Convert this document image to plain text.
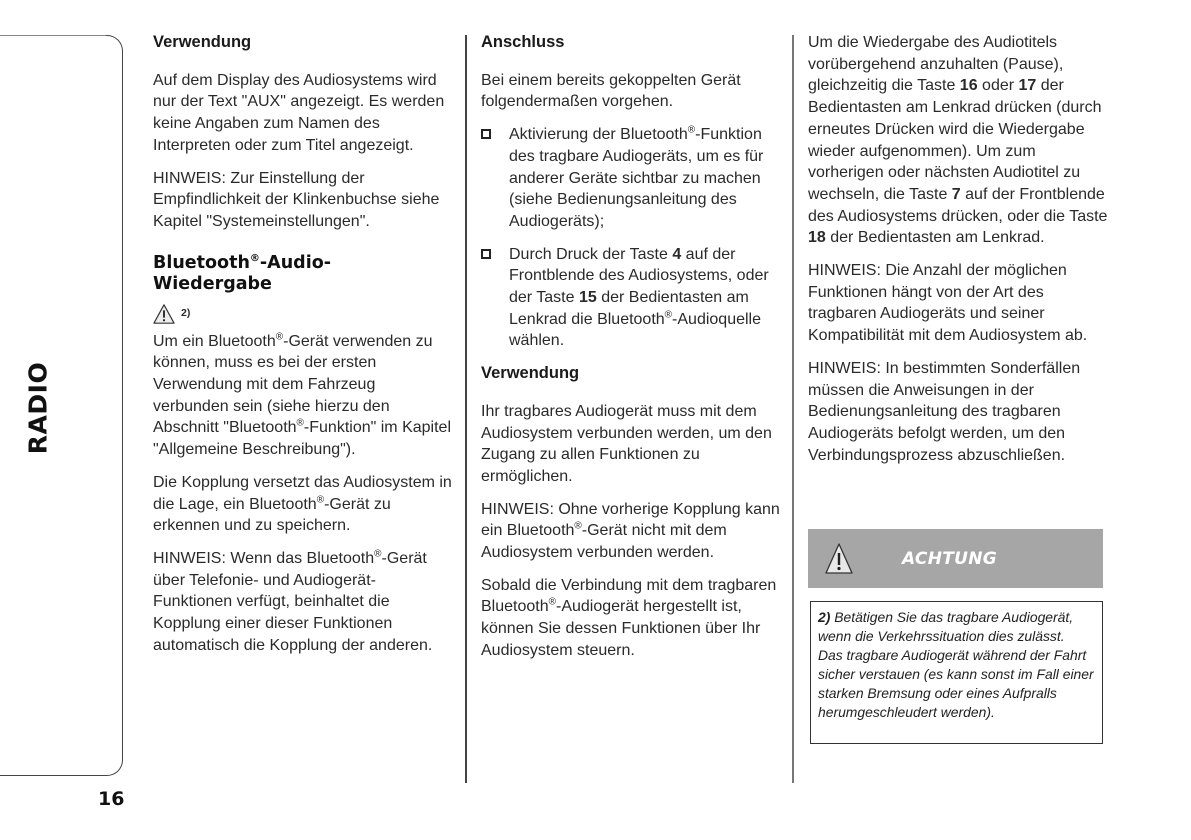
RADIO
16
Verwendung

Auf dem Display des Audiosystems wird nur der Text "AUX" angezeigt. Es werden keine Angaben zum Namen des Interpreten oder zum Titel angezeigt.

HINWEIS: Zur Einstellung der Empfindlichkeit der Klinkenbuchse siehe Kapitel "Systemeinstellungen".

Bluetooth®-Audio-
Wiedergabe
2)

Um ein Bluetooth®-Gerät verwenden zu können, muss es bei der ersten Verwendung mit dem Fahrzeug verbunden sein (siehe hierzu den Abschnitt "Bluetooth®-Funktion" im Kapitel "Allgemeine Beschreibung").

Die Kopplung versetzt das Audiosystem in die Lage, ein Bluetooth®-Gerät zu erkennen und zu speichern.

HINWEIS: Wenn das Bluetooth®-Gerät über Telefonie- und Audiogerät-Funktionen verfügt, beinhaltet die Kopplung einer dieser Funktionen automatisch die Kopplung der anderen.

Anschluss

Bei einem bereits gekoppelten Gerät folgendermaßen vorgehen.

Aktivierung der Bluetooth®-Funktion des tragbare Audiogeräts, um es für anderer Geräte sichtbar zu machen (siehe Bedienungsanleitung des Audiogeräts);
Durch Druck der Taste 4 auf der Frontblende des Audiosystems, oder der Taste 15 der Bedientasten am Lenkrad die Bluetooth®-Audioquelle wählen.
Verwendung

Ihr tragbares Audiogerät muss mit dem Audiosystem verbunden werden, um den Zugang zu allen Funktionen zu ermöglichen.

HINWEIS: Ohne vorherige Kopplung kann ein Bluetooth®-Gerät nicht mit dem Audiosystem verbunden werden.

Sobald die Verbindung mit dem tragbaren Bluetooth®-Audiogerät hergestellt ist, können Sie dessen Funktionen über Ihr Audiosystem steuern.

Um die Wiedergabe des Audiotitels vorübergehend anzuhalten (Pause), gleichzeitig die Taste 16 oder 17 der Bedientasten am Lenkrad drücken (durch erneutes Drücken wird die Wiedergabe wieder aufgenommen). Um zum vorherigen oder nächsten Audiotitel zu wechseln, die Taste 7 auf der Frontblende des Audiosystems drücken, oder die Taste 18 der Bedientasten am Lenkrad.

HINWEIS: Die Anzahl der möglichen Funktionen hängt von der Art des tragbaren Audiogeräts und seiner Kompatibilität mit dem Audiosystem ab.

HINWEIS: In bestimmten Sonderfällen müssen die Anweisungen in der Bedienungsanleitung des tragbaren Audiogeräts befolgt werden, um den Verbindungsprozess abzuschließen.

ACHTUNG
2) Betätigen Sie das tragbare Audiogerät, wenn die Verkehrssituation dies zulässt.
Das tragbare Audiogerät während der Fahrt sicher verstauen (es kann sonst im Fall einer starken Bremsung oder eines Aufpralls herumgeschleudert werden).
